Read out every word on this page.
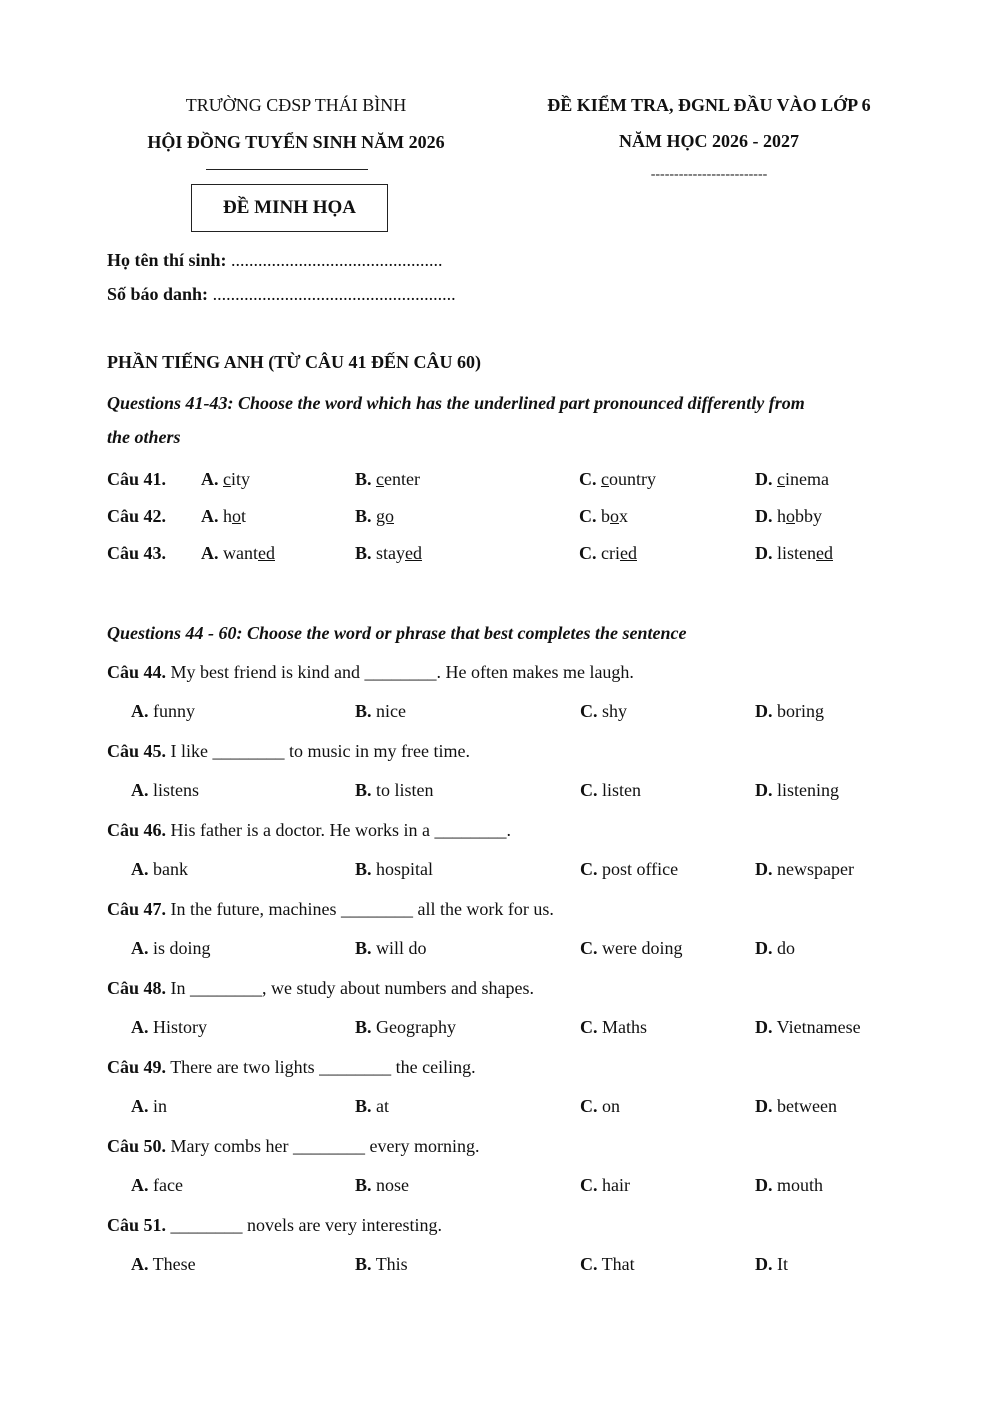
TRƯỜNG CĐSP THÁI BÌNH
HỘI ĐỒNG TUYỂN SINH NĂM 2026
ĐỀ MINH HỌA
ĐỀ KIỂM TRA, ĐGNL ĐẦU VÀO LỚP 6
NĂM HỌC 2026 - 2027
-------------------------
Họ tên thí sinh: ...............................................
Số báo danh: ......................................................
PHẦN TIẾNG ANH (TỪ CÂU 41 ĐẾN CÂU 60)
Questions 41-43: Choose the word which has the underlined part pronounced differently from
the others
Câu 41. A. city	B. center	C. country	D. cinema
Câu 42. A. hot	B. go	C. box	D. hobby
Câu 43. A. wanted	B. stayed	C. cried	D. listened
Questions 44 - 60: Choose the word or phrase that best completes the sentence
Câu 44. My best friend is kind and ________. He often makes me laugh.
A. funny	B. nice	C. shy	D. boring
Câu 45. I like ________ to music in my free time.
A. listens	B. to listen	C. listen	D. listening
Câu 46. His father is a doctor. He works in a ________.
A. bank	B. hospital	C. post office	D. newspaper
Câu 47. In the future, machines ________ all the work for us.
A. is doing	B. will do	C. were doing	D. do
Câu 48. In ________, we study about numbers and shapes.
A. History	B. Geography	C. Maths	D. Vietnamese
Câu 49. There are two lights ________ the ceiling.
A. in	B. at	C. on	D. between
Câu 50. Mary combs her ________ every morning.
A. face	B. nose	C. hair	D. mouth
Câu 51. ________ novels are very interesting.
A. These	B. This	C. That	D. It
